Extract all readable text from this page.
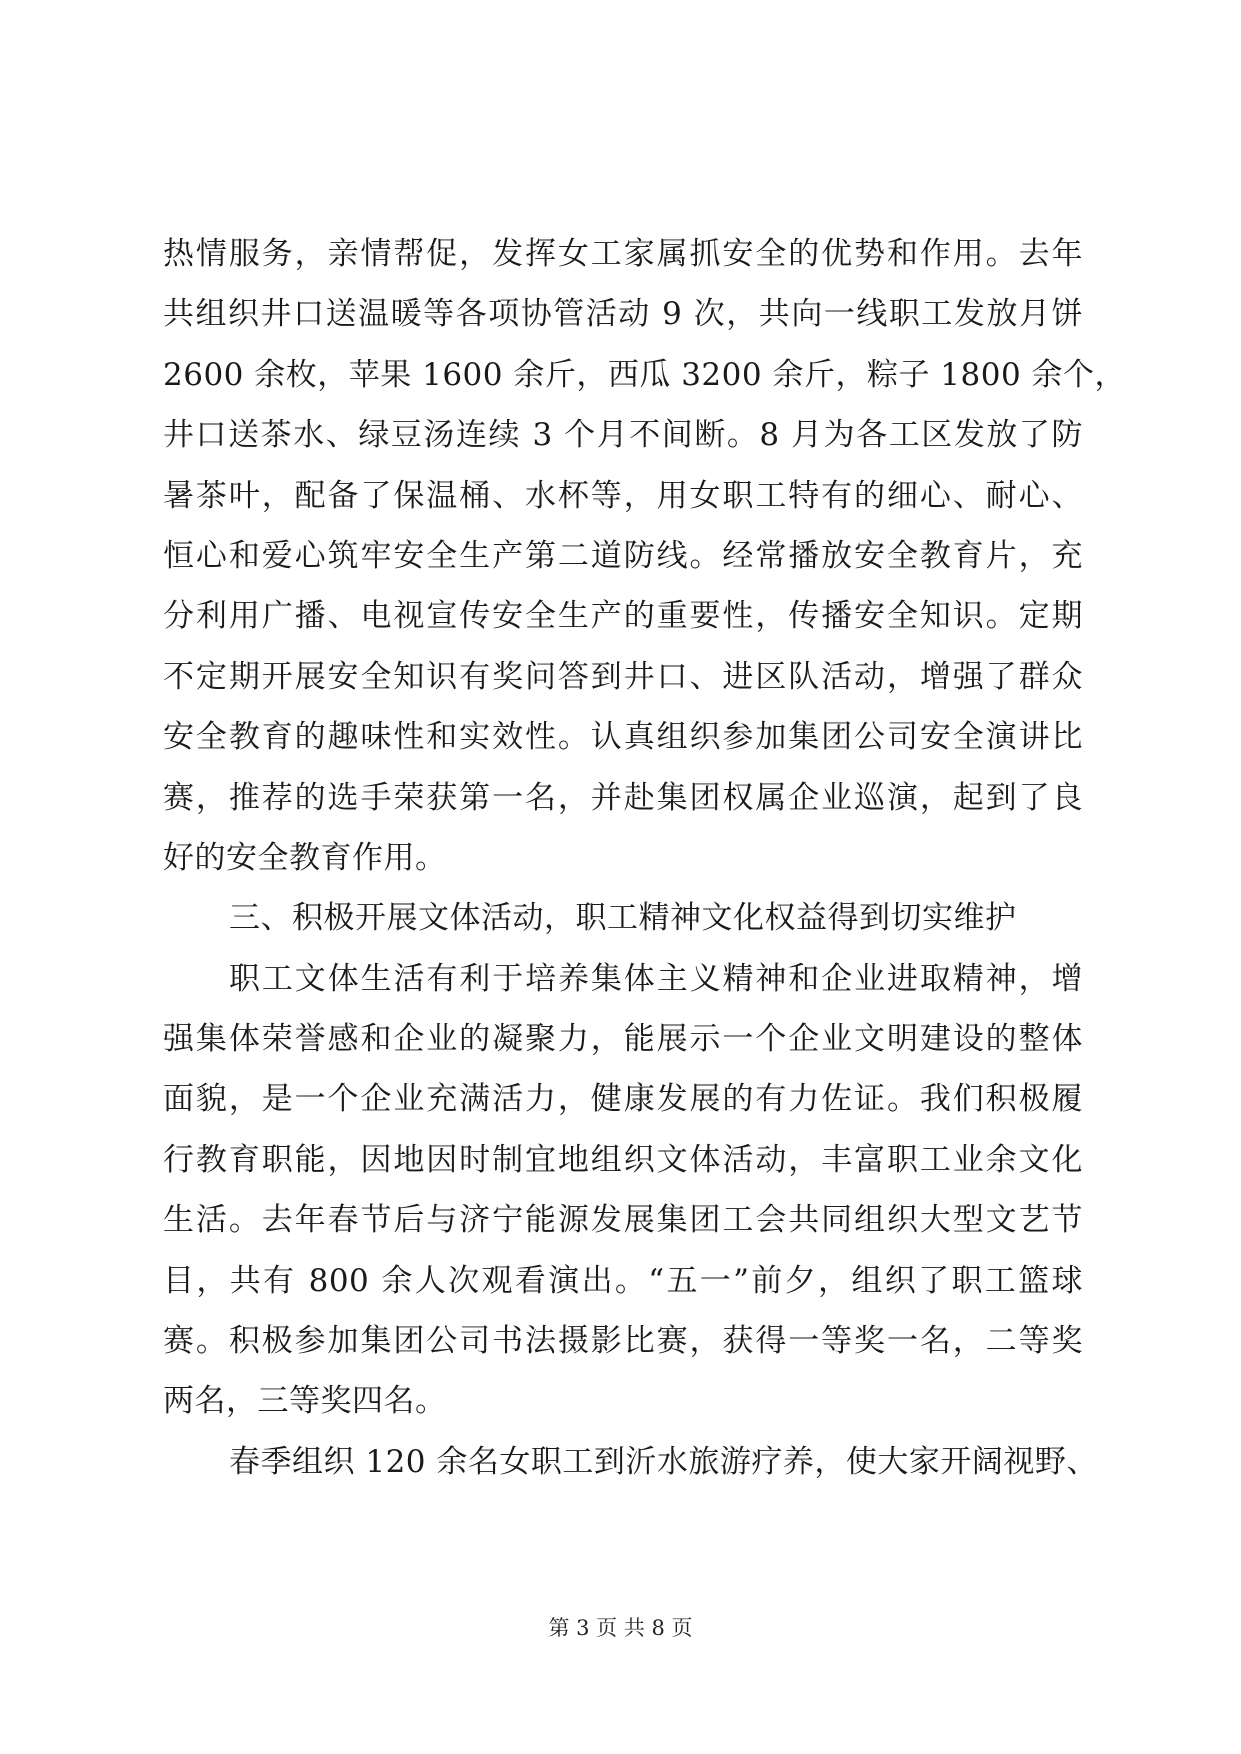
热情服务，亲情帮促，发挥女工家属抓安全的优势和作用。去年
共组织井口送温暖等各项协管活动 9 次，共向一线职工发放月饼
2600 余枚，苹果 1600 余斤，西瓜 3200 余斤，粽子 1800 余个，
井口送茶水、绿豆汤连续 3 个月不间断。8 月为各工区发放了防
暑茶叶，配备了保温桶、水杯等，用女职工特有的细心、耐心、
恒心和爱心筑牢安全生产第二道防线。经常播放安全教育片，充
分利用广播、电视宣传安全生产的重要性，传播安全知识。定期
不定期开展安全知识有奖问答到井口、进区队活动，增强了群众
安全教育的趣味性和实效性。认真组织参加集团公司安全演讲比
赛，推荐的选手荣获第一名，并赴集团权属企业巡演，起到了良
好的安全教育作用。
三、积极开展文体活动，职工精神文化权益得到切实维护
职工文体生活有利于培养集体主义精神和企业进取精神，增
强集体荣誉感和企业的凝聚力，能展示一个企业文明建设的整体
面貌，是一个企业充满活力，健康发展的有力佐证。我们积极履
行教育职能，因地因时制宜地组织文体活动，丰富职工业余文化
生活。去年春节后与济宁能源发展集团工会共同组织大型文艺节
目，共有 800 余人次观看演出。“五一”前夕，组织了职工篮球
赛。积极参加集团公司书法摄影比赛，获得一等奖一名，二等奖
两名，三等奖四名。
春季组织 120 余名女职工到沂水旅游疗养，使大家开阔视野、
第 3 页 共 8 页
